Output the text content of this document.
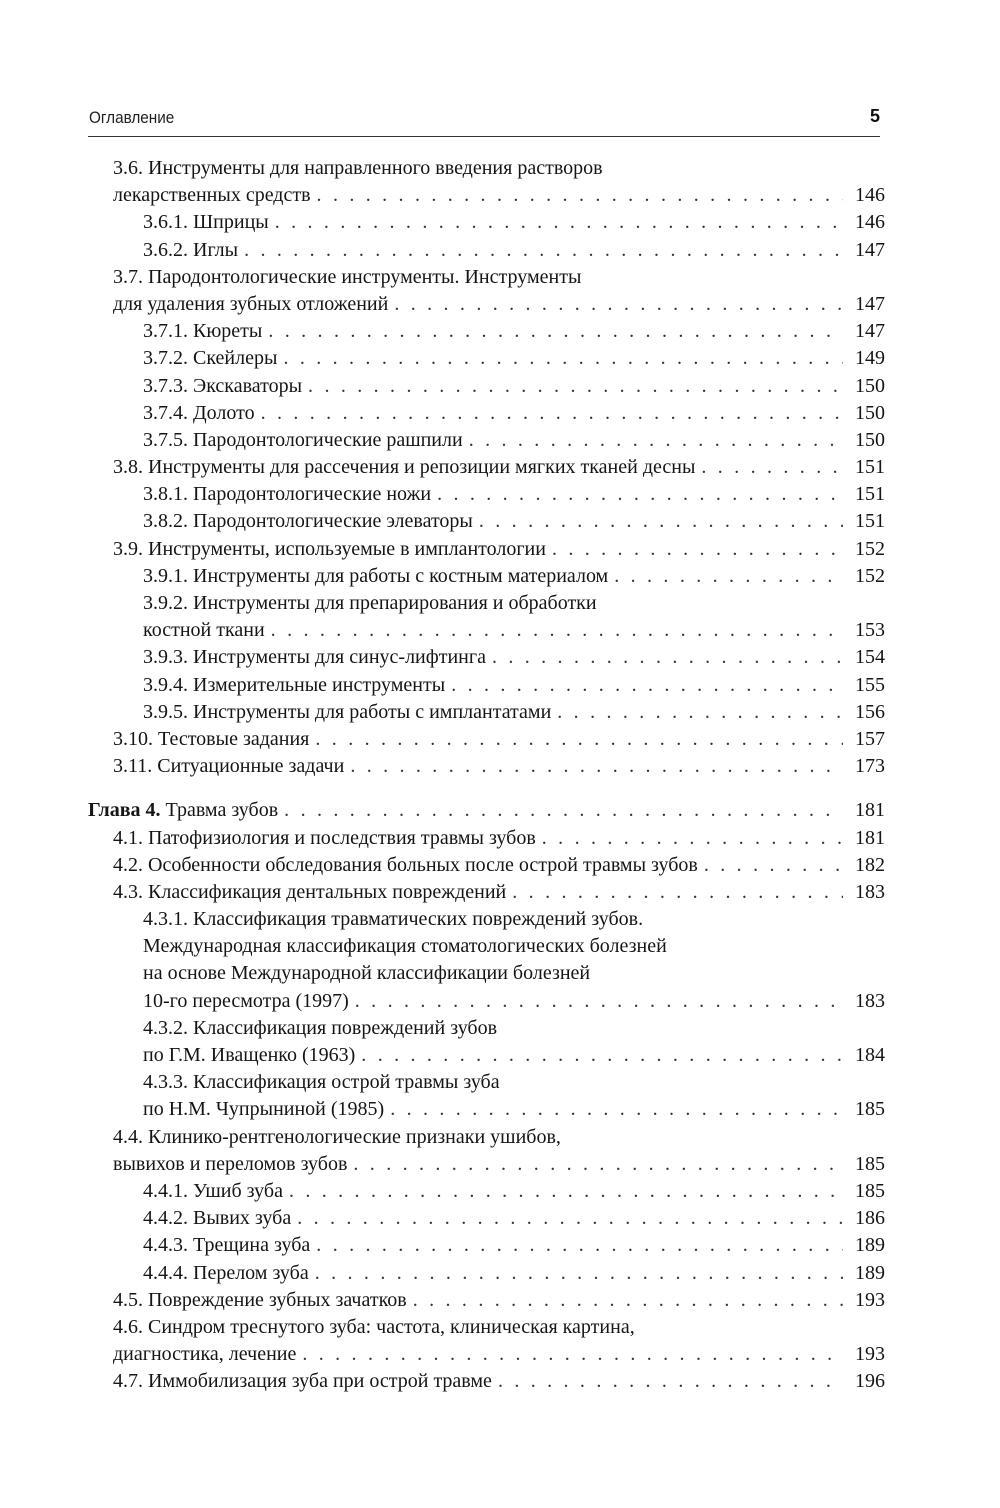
Оглавление	5
3.6. Инструменты для направленного введения растворов
лекарственных средств . . .	146
3.6.1. Шприцы . . .	146
3.6.2. Иглы . . .	147
3.7. Пародонтологические инструменты. Инструменты
для удаления зубных отложений . . .	147
3.7.1. Кюреты . . .	147
3.7.2. Скейлеры . . .	149
3.7.3. Экскаваторы . . .	150
3.7.4. Долото . . .	150
3.7.5. Пародонтологические рашпили . . .	150
3.8. Инструменты для рассечения и репозиции мягких тканей десны . . .	151
3.8.1. Пародонтологические ножи . . .	151
3.8.2. Пародонтологические элеваторы . . .	151
3.9. Инструменты, используемые в имплантологии . . .	152
3.9.1. Инструменты для работы с костным материалом . . .	152
3.9.2. Инструменты для препарирования и обработки
костной ткани . . .	153
3.9.3. Инструменты для синус-лифтинга . . .	154
3.9.4. Измерительные инструменты . . .	155
3.9.5. Инструменты для работы с имплантатами . . .	156
3.10. Тестовые задания . . .	157
3.11. Ситуационные задачи . . .	173
Глава 4. Травма зубов . . .	181
4.1. Патофизиология и последствия травмы зубов . . .	181
4.2. Особенности обследования больных после острой травмы зубов . . .	182
4.3. Классификация дентальных повреждений . . .	183
4.3.1. Классификация травматических повреждений зубов.
Международная классификация стоматологических болезней
на основе Международной классификации болезней
10-го пересмотра (1997) . . .	183
4.3.2. Классификация повреждений зубов
по Г.М. Иващенко (1963) . . .	184
4.3.3. Классификация острой травмы зуба
по Н.М. Чупрыниной (1985) . . .	185
4.4. Клинико-рентгенологические признаки ушибов,
вывихов и переломов зубов . . .	185
4.4.1. Ушиб зуба . . .	185
4.4.2. Вывих зуба . . .	186
4.4.3. Трещина зуба . . .	189
4.4.4. Перелом зуба . . .	189
4.5. Повреждение зубных зачатков . . .	193
4.6. Синдром треснутого зуба: частота, клиническая картина,
диагностика, лечение . . .	193
4.7. Иммобилизация зуба при острой травме . . .	196
